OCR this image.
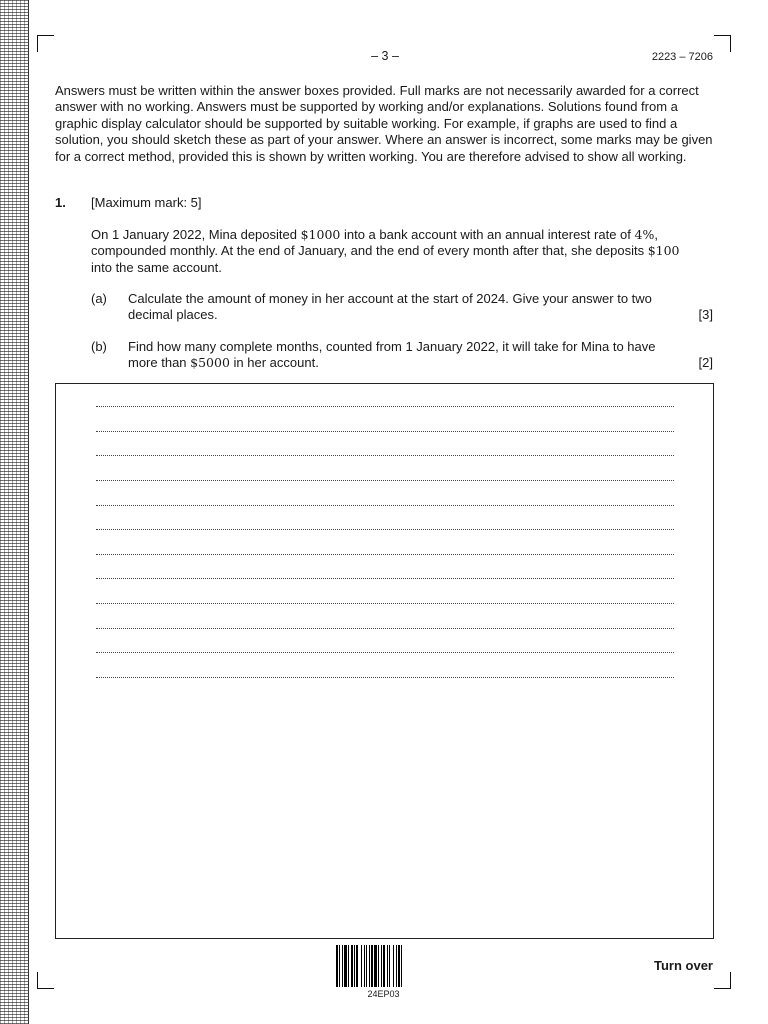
– 3 –	2223 – 7206
Answers must be written within the answer boxes provided. Full marks are not necessarily awarded for a correct answer with no working. Answers must be supported by working and/or explanations. Solutions found from a graphic display calculator should be supported by suitable working. For example, if graphs are used to find a solution, you should sketch these as part of your answer. Where an answer is incorrect, some marks may be given for a correct method, provided this is shown by written working. You are therefore advised to show all working.
1. [Maximum mark: 5]
On 1 January 2022, Mina deposited $1000 into a bank account with an annual interest rate of 4%, compounded monthly. At the end of January, and the end of every month after that, she deposits $100 into the same account.
(a) Calculate the amount of money in her account at the start of 2024. Give your answer to two decimal places.	[3]
(b) Find how many complete months, counted from 1 January 2022, it will take for Mina to have more than $5000 in her account.	[2]
24EP03
Turn over
